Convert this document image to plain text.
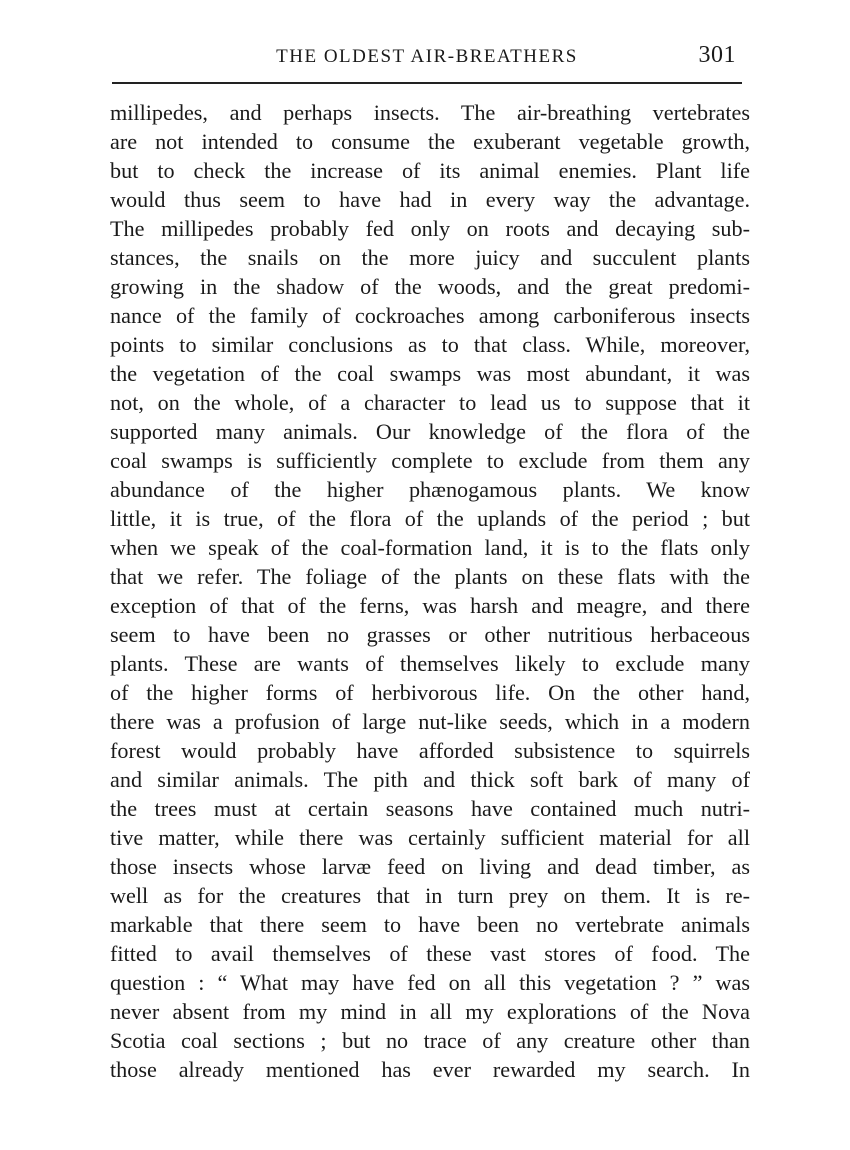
THE OLDEST AIR-BREATHERS	301
millipedes, and perhaps insects. The air-breathing vertebrates
are not intended to consume the exuberant vegetable growth,
but to check the increase of its animal enemies. Plant life
would thus seem to have had in every way the advantage.
The millipedes probably fed only on roots and decaying sub-
stances, the snails on the more juicy and succulent plants
growing in the shadow of the woods, and the great predomi-
nance of the family of cockroaches among carboniferous insects
points to similar conclusions as to that class. While, moreover,
the vegetation of the coal swamps was most abundant, it was
not, on the whole, of a character to lead us to suppose that it
supported many animals. Our knowledge of the flora of the
coal swamps is sufficiently complete to exclude from them any
abundance of the higher phænogamous plants. We know
little, it is true, of the flora of the uplands of the period ; but
when we speak of the coal-formation land, it is to the flats only
that we refer. The foliage of the plants on these flats with the
exception of that of the ferns, was harsh and meagre, and there
seem to have been no grasses or other nutritious herbaceous
plants. These are wants of themselves likely to exclude many
of the higher forms of herbivorous life. On the other hand,
there was a profusion of large nut-like seeds, which in a modern
forest would probably have afforded subsistence to squirrels
and similar animals. The pith and thick soft bark of many of
the trees must at certain seasons have contained much nutri-
tive matter, while there was certainly sufficient material for all
those insects whose larvæ feed on living and dead timber, as
well as for the creatures that in turn prey on them. It is re-
markable that there seem to have been no vertebrate animals
fitted to avail themselves of these vast stores of food. The
question : “ What may have fed on all this vegetation ? ” was
never absent from my mind in all my explorations of the Nova
Scotia coal sections ; but no trace of any creature other than
those already mentioned has ever rewarded my search. In
